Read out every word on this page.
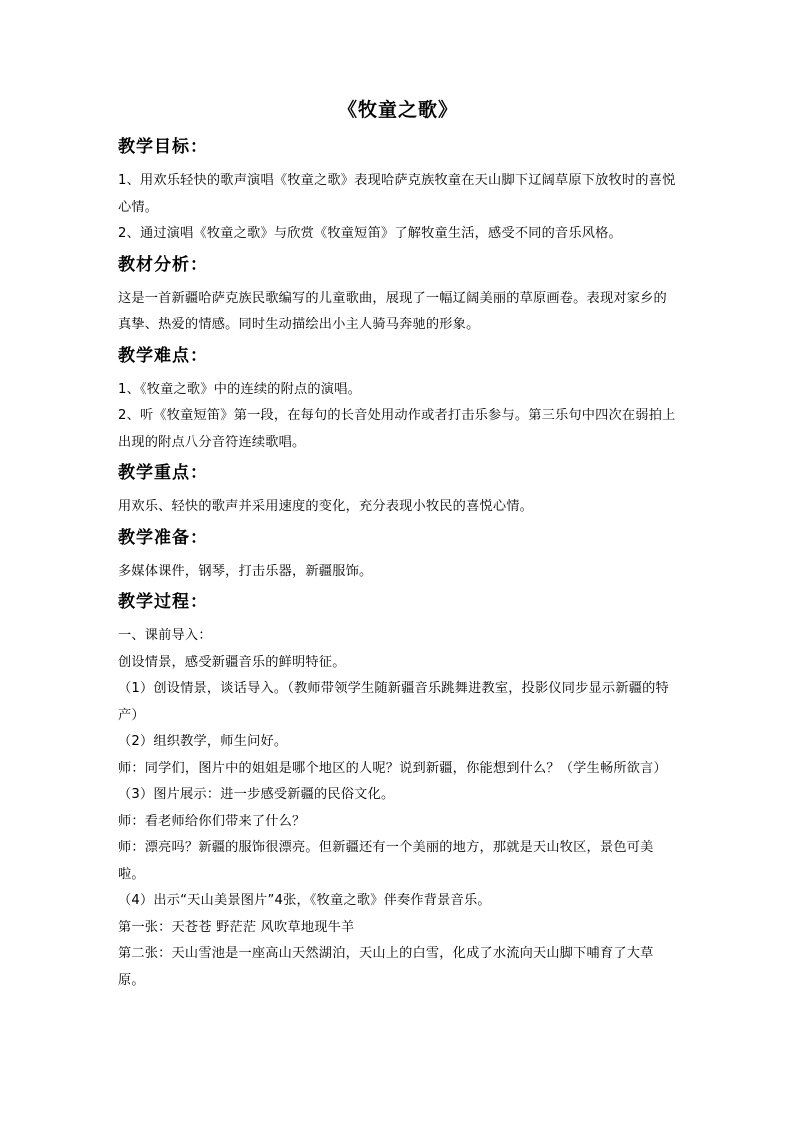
《牧童之歌》
教学目标：

1、用欢乐轻快的歌声演唱《牧童之歌》表现哈萨克族牧童在天山脚下辽阔草原下放牧时的喜悦心情。

2、通过演唱《牧童之歌》与欣赏《牧童短笛》了解牧童生活，感受不同的音乐风格。

教材分析：

这是一首新疆哈萨克族民歌编写的儿童歌曲，展现了一幅辽阔美丽的草原画卷。表现对家乡的真挚、热爱的情感。同时生动描绘出小主人骑马奔驰的形象。

教学难点：

1、《牧童之歌》中的连续的附点的演唱。

2、听《牧童短笛》第一段，在每句的长音处用动作或者打击乐参与。第三乐句中四次在弱拍上出现的附点八分音符连续歌唱。

教学重点：

用欢乐、轻快的歌声并采用速度的变化，充分表现小牧民的喜悦心情。

教学准备：

多媒体课件，钢琴，打击乐器，新疆服饰。

教学过程：

一、课前导入：

创设情景，感受新疆音乐的鲜明特征。

（1）创设情景，谈话导入。（教师带领学生随新疆音乐跳舞进教室，投影仪同步显示新疆的特产）

（2）组织教学，师生问好。

师：同学们，图片中的姐姐是哪个地区的人呢？说到新疆，你能想到什么？（学生畅所欲言）

（3）图片展示：进一步感受新疆的民俗文化。

师：看老师给你们带来了什么？

师：漂亮吗？新疆的服饰很漂亮。但新疆还有一个美丽的地方，那就是天山牧区，景色可美啦。

（4）出示“天山美景图片”4张，《牧童之歌》伴奏作背景音乐。

第一张：天苍苍 野茫茫 风吹草地现牛羊

第二张：天山雪池是一座高山天然湖泊，天山上的白雪，化成了水流向天山脚下哺育了大草原。
